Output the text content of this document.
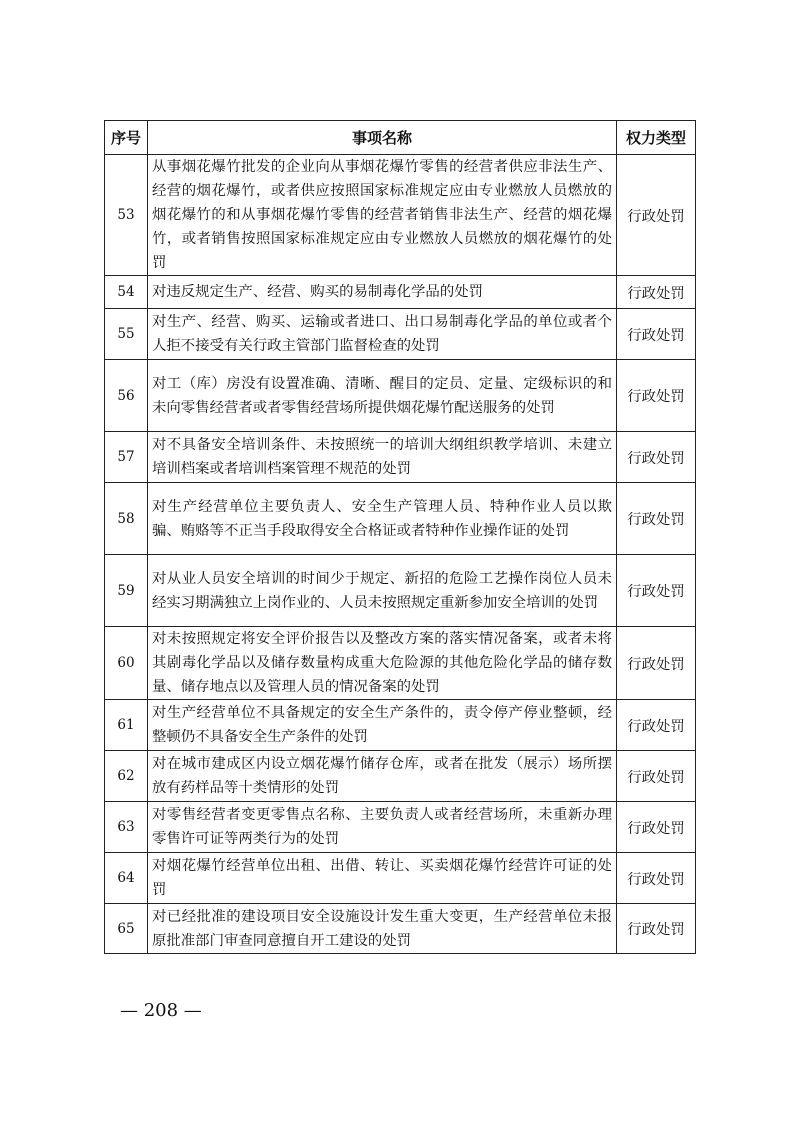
序号	事项名称	权力类型
53	从事烟花爆竹批发的企业向从事烟花爆竹零售的经营者供应非法生产、经营的烟花爆竹，或者供应按照国家标准规定应由专业燃放人员燃放的烟花爆竹的和从事烟花爆竹零售的经营者销售非法生产、经营的烟花爆竹，或者销售按照国家标准规定应由专业燃放人员燃放的烟花爆竹的处罚	行政处罚
54	对违反规定生产、经营、购买的易制毒化学品的处罚	行政处罚
55	对生产、经营、购买、运输或者进口、出口易制毒化学品的单位或者个人拒不接受有关行政主管部门监督检查的处罚	行政处罚
56	对工（库）房没有设置准确、清晰、醒目的定员、定量、定级标识的和未向零售经营者或者零售经营场所提供烟花爆竹配送服务的处罚	行政处罚
57	对不具备安全培训条件、未按照统一的培训大纲组织教学培训、未建立培训档案或者培训档案管理不规范的处罚	行政处罚
58	对生产经营单位主要负责人、安全生产管理人员、特种作业人员以欺骗、贿赂等不正当手段取得安全合格证或者特种作业操作证的处罚	行政处罚
59	对从业人员安全培训的时间少于规定、新招的危险工艺操作岗位人员未经实习期满独立上岗作业的、人员未按照规定重新参加安全培训的处罚	行政处罚
60	对未按照规定将安全评价报告以及整改方案的落实情况备案，或者未将其剧毒化学品以及储存数量构成重大危险源的其他危险化学品的储存数量、储存地点以及管理人员的情况备案的处罚	行政处罚
61	对生产经营单位不具备规定的安全生产条件的，责令停产停业整顿，经整顿仍不具备安全生产条件的处罚	行政处罚
62	对在城市建成区内设立烟花爆竹储存仓库，或者在批发（展示）场所摆放有药样品等十类情形的处罚	行政处罚
63	对零售经营者变更零售点名称、主要负责人或者经营场所，未重新办理零售许可证等两类行为的处罚	行政处罚
64	对烟花爆竹经营单位出租、出借、转让、买卖烟花爆竹经营许可证的处罚	行政处罚
65	对已经批准的建设项目安全设施设计发生重大变更，生产经营单位未报原批准部门审查同意擅自开工建设的处罚	行政处罚
— 208 —
